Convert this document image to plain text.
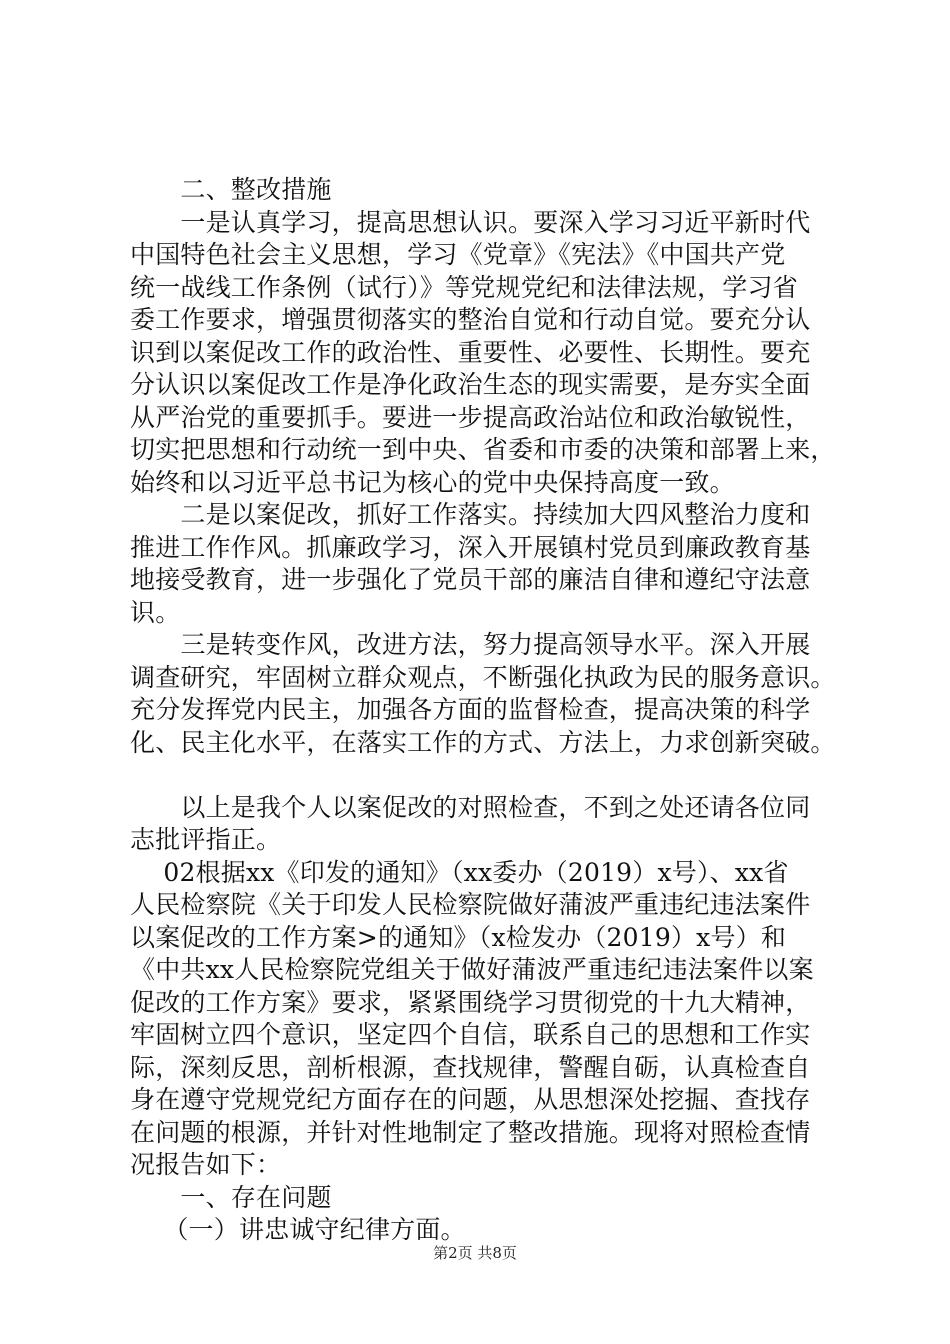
　　二、整改措施
　　一是认真学习，提高思想认识。要深入学习习近平新时代
中国特色社会主义思想，学习《党章》《宪法》《中国共产党
统一战线工作条例（试行）》等党规党纪和法律法规，学习省
委工作要求，增强贯彻落实的整治自觉和行动自觉。要充分认
识到以案促改工作的政治性、重要性、必要性、长期性。要充
分认识以案促改工作是净化政治生态的现实需要，是夯实全面
从严治党的重要抓手。要进一步提高政治站位和政治敏锐性，
切实把思想和行动统一到中央、省委和市委的决策和部署上来，
始终和以习近平总书记为核心的党中央保持高度一致。
　　二是以案促改，抓好工作落实。持续加大四风整治力度和
推进工作作风。抓廉政学习，深入开展镇村党员到廉政教育基
地接受教育，进一步强化了党员干部的廉洁自律和遵纪守法意
识。
　　三是转变作风，改进方法，努力提高领导水平。深入开展
调查研究，牢固树立群众观点，不断强化执政为民的服务意识。
充分发挥党内民主，加强各方面的监督检查，提高决策的科学
化、民主化水平，在落实工作的方式、方法上，力求创新突破。
　　以上是我个人以案促改的对照检查，不到之处还请各位同
志批评指正。
　 02根据xx《印发的通知》（xx委办（2019）x号）、xx省
人民检察院《关于印发人民检察院做好蒲波严重违纪违法案件
以案促改的工作方案>的通知》（x检发办（2019）x号）和
《中共xx人民检察院党组关于做好蒲波严重违纪违法案件以案
促改的工作方案》要求，紧紧围绕学习贯彻党的十九大精神，
牢固树立四个意识，坚定四个自信，联系自己的思想和工作实
际，深刻反思，剖析根源，查找规律，警醒自砺，认真检查自
身在遵守党规党纪方面存在的问题，从思想深处挖掘、查找存
在问题的根源，并针对性地制定了整改措施。现将对照检查情
况报告如下：
　　一、存在问题
　 （一）讲忠诚守纪律方面。
第2页 共8页
